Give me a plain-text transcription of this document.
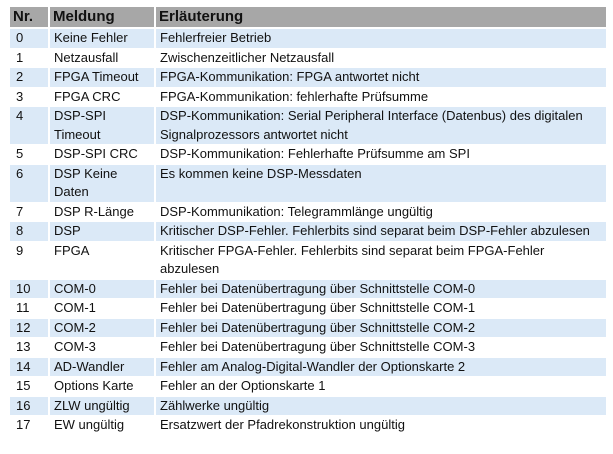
Nr.	Meldung	Erläuterung
0	Keine Fehler	Fehlerfreier Betrieb
1	Netzausfall	Zwischenzeitlicher Netzausfall
2	FPGA Timeout	FPGA-Kommunikation: FPGA antwortet nicht
3	FPGA CRC	FPGA-Kommunikation: fehlerhafte Prüfsumme
4	DSP-SPI Timeout	DSP-Kommunikation: Serial Peripheral Interface (Datenbus) des digitalen Signalprozessors antwortet nicht
5	DSP-SPI CRC	DSP-Kommunikation: Fehlerhafte Prüfsumme am SPI
6	DSP Keine Daten	Es kommen keine DSP-Messdaten
7	DSP R-Länge	DSP-Kommunikation: Telegrammlänge ungültig
8	DSP	Kritischer DSP-Fehler. Fehlerbits sind separat beim DSP-Fehler abzulesen
9	FPGA	Kritischer FPGA-Fehler. Fehlerbits sind separat beim FPGA-Fehler abzulesen
10	COM-0	Fehler bei Datenübertragung über Schnittstelle COM-0
11	COM-1	Fehler bei Datenübertragung über Schnittstelle COM-1
12	COM-2	Fehler bei Datenübertragung über Schnittstelle COM-2
13	COM-3	Fehler bei Datenübertragung über Schnittstelle COM-3
14	AD-Wandler	Fehler am Analog-Digital-Wandler der Optionskarte 2
15	Options Karte	Fehler an der Optionskarte 1
16	ZLW ungültig	Zählwerke ungültig
17	EW ungültig	Ersatzwert der Pfadrekonstruktion ungültig
